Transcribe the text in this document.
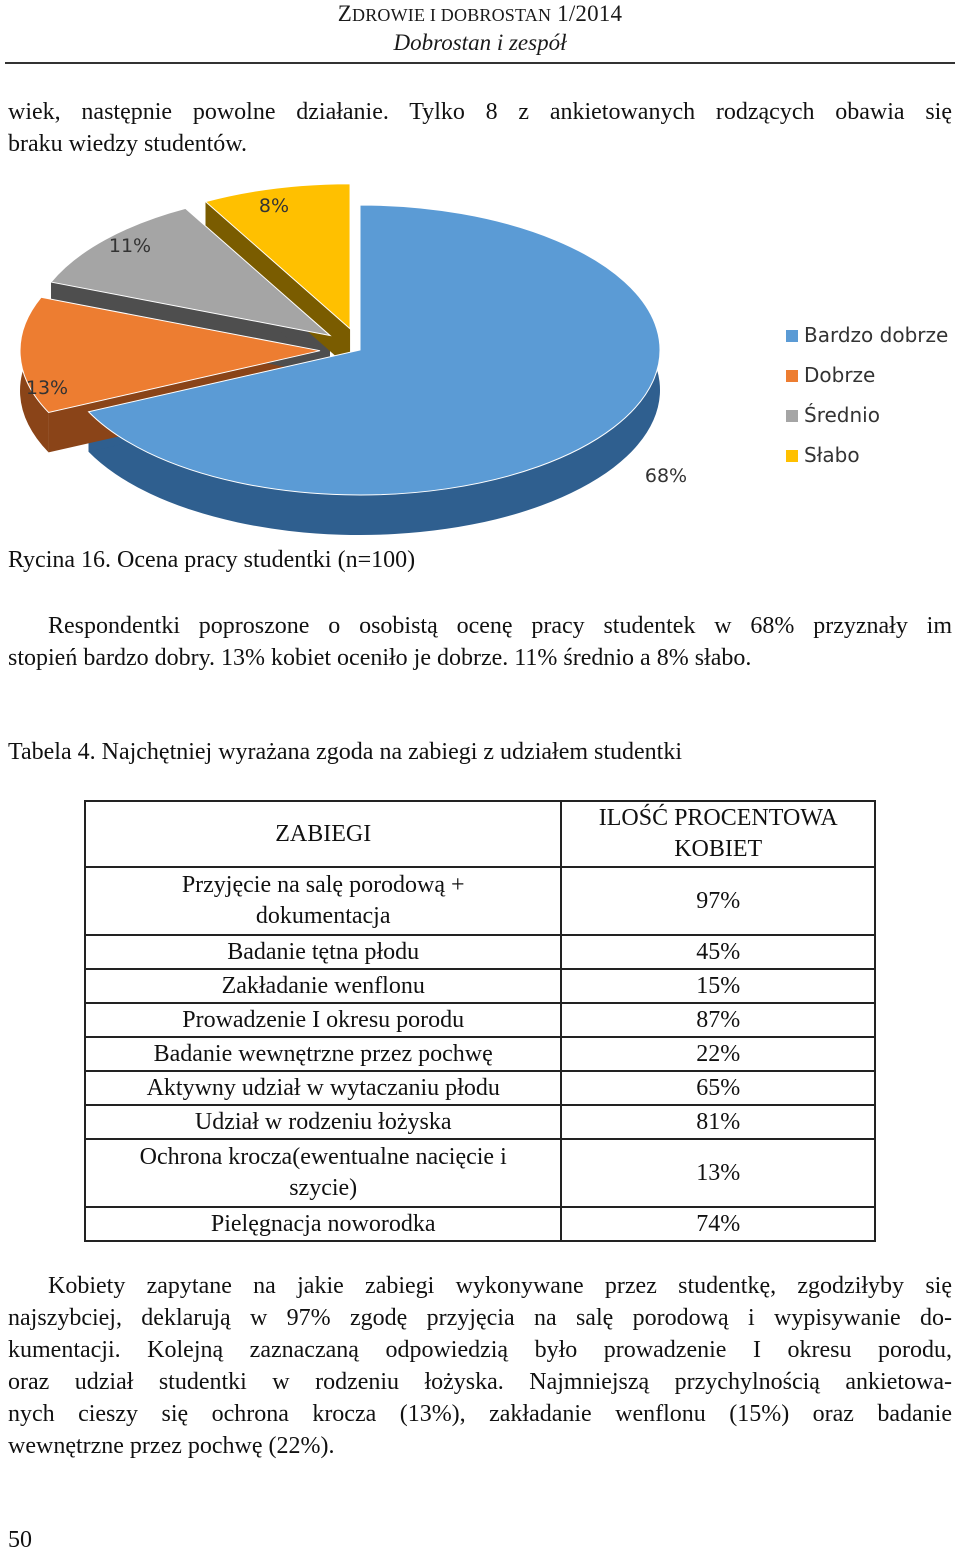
ZDROWIE I DOBROSTAN 1/2014
Dobrostan i zespół
wiek, następnie powolne działanie. Tylko 8 z ankietowanych rodzących obawia się
braku wiedzy studentów.
68%
13%
11%
8%
Bardzo dobrze
Dobrze
Średnio
Słabo
Rycina 16. Ocena pracy studentki (n=100)
Respondentki poproszone o osobistą ocenę pracy studentek w 68% przyznały im
stopień bardzo dobry. 13% kobiet oceniło je dobrze. 11% średnio a 8% słabo.
Tabela 4. Najchętniej wyrażana zgoda na zabiegi z udziałem studentki
ZABIEGI	ILOŚĆ PROCENTOWA KOBIET
Przyjęcie na salę porodową + dokumentacja	97%
Badanie tętna płodu	45%
Zakładanie wenflonu	15%
Prowadzenie I okresu porodu	87%
Badanie wewnętrzne przez pochwę	22%
Aktywny udział w wytaczaniu płodu	65%
Udział w rodzeniu łożyska	81%
Ochrona krocza(ewentualne nacięcie i szycie)	13%
Pielęgnacja noworodka	74%
Kobiety zapytane na jakie zabiegi wykonywane przez studentkę, zgodziłyby się
najszybciej, deklarują w 97% zgodę przyjęcia na salę porodową i wypisywanie do-
kumentacji. Kolejną zaznaczaną odpowiedzią było prowadzenie I okresu porodu,
oraz udział studentki w rodzeniu łożyska. Najmniejszą przychylnością ankietowa-
nych cieszy się ochrona krocza (13%), zakładanie wenflonu (15%) oraz badanie
wewnętrzne przez pochwę (22%).
50
